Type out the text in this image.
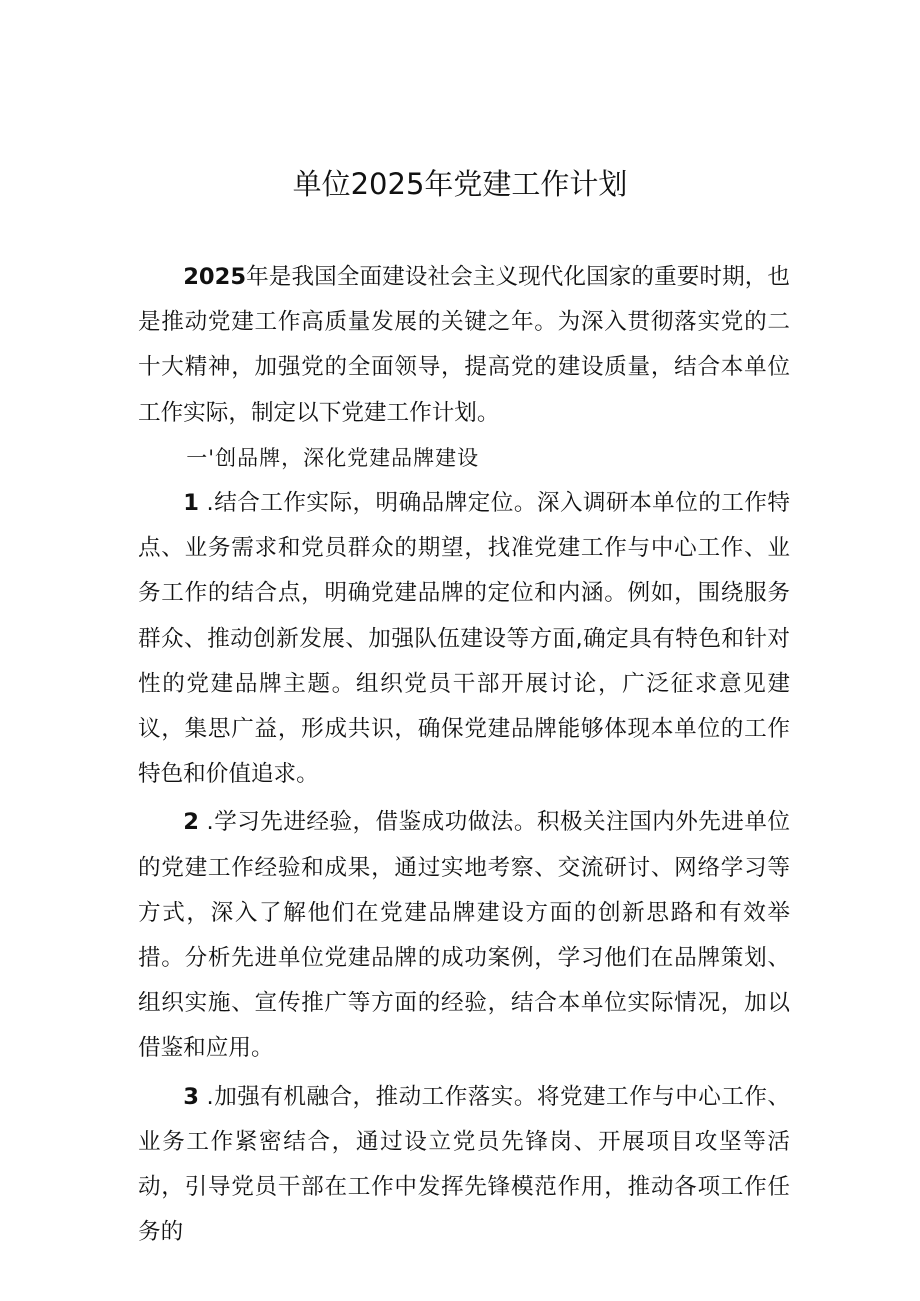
单位2025年党建工作计划

2025年是我国全面建设社会主义现代化国家的重要时期，也是推动党建工作高质量发展的关键之年。为深入贯彻落实党的二十大精神，加强党的全面领导，提高党的建设质量，结合本单位工作实际，制定以下党建工作计划。

一'创品牌，深化党建品牌建设

1 .结合工作实际，明确品牌定位。深入调研本单位的工作特点、业务需求和党员群众的期望，找准党建工作与中心工作、业务工作的结合点，明确党建品牌的定位和内涵。例如，围绕服务群众、推动创新发展、加强队伍建设等方面,确定具有特色和针对性的党建品牌主题。组织党员干部开展讨论，广泛征求意见建议，集思广益，形成共识，确保党建品牌能够体现本单位的工作特色和价值追求。

2 .学习先进经验，借鉴成功做法。积极关注国内外先进单位的党建工作经验和成果，通过实地考察、交流研讨、网络学习等方式，深入了解他们在党建品牌建设方面的创新思路和有效举措。分析先进单位党建品牌的成功案例，学习他们在品牌策划、组织实施、宣传推广等方面的经验，结合本单位实际情况，加以借鉴和应用。

3 .加强有机融合，推动工作落实。将党建工作与中心工作、业务工作紧密结合，通过设立党员先锋岗、开展项目攻坚等活动，引导党员干部在工作中发挥先锋模范作用，推动各项工作任务的
